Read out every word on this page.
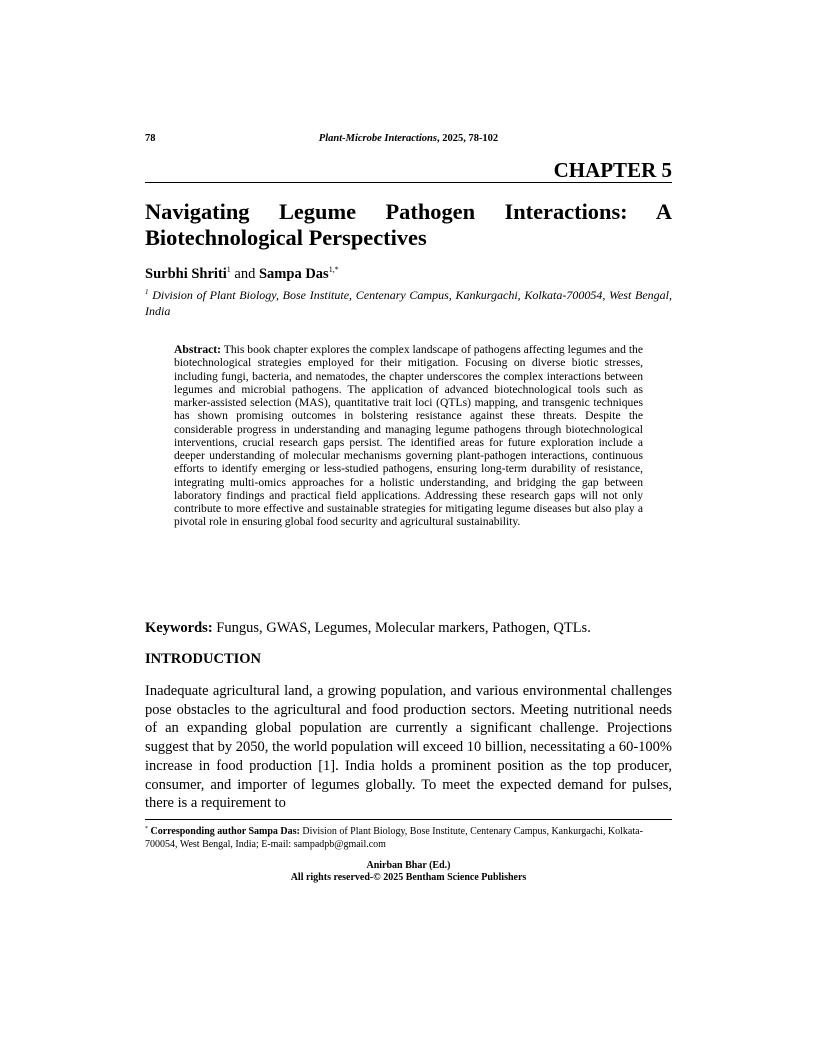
78	Plant-Microbe Interactions, 2025, 78-102
CHAPTER 5
Navigating Legume Pathogen Interactions: A
Biotechnological Perspectives
Surbhi Shriti$^1$ and Sampa Das$^{1,*}$
$^1$ Division of Plant Biology, Bose Institute, Centenary Campus, Kankurgachi, Kolkata-700054, West Bengal, India
Abstract: This book chapter explores the complex landscape of pathogens affecting legumes and the biotechnological strategies employed for their mitigation. Focusing on diverse biotic stresses, including fungi, bacteria, and nematodes, the chapter underscores the complex interactions between legumes and microbial pathogens. The application of advanced biotechnological tools such as marker-assisted selection (MAS), quantitative trait loci (QTLs) mapping, and transgenic techniques has shown promising outcomes in bolstering resistance against these threats. Despite the considerable progress in understanding and managing legume pathogens through biotechnological interventions, crucial research gaps persist. The identified areas for future exploration include a deeper understanding of molecular mechanisms governing plant-pathogen interactions, continuous efforts to identify emerging or less-studied pathogens, ensuring long-term durability of resistance, integrating multi-omics approaches for a holistic understanding, and bridging the gap between laboratory findings and practical field applications. Addressing these research gaps will not only contribute to more effective and sustainable strategies for mitigating legume diseases but also play a pivotal role in ensuring global food security and agricultural sustainability.
Keywords: Fungus, GWAS, Legumes, Molecular markers, Pathogen, QTLs.
INTRODUCTION
Inadequate agricultural land, a growing population, and various environmental challenges pose obstacles to the agricultural and food production sectors. Meeting nutritional needs of an expanding global population are currently a significant challenge. Projections suggest that by 2050, the world population will exceed 10 billion, necessitating a 60-100% increase in food production [1]. India holds a prominent position as the top producer, consumer, and importer of legumes globally. To meet the expected demand for pulses, there is a requirement to
* Corresponding author Sampa Das: Division of Plant Biology, Bose Institute, Centenary Campus, Kankurgachi, Kolkata-700054, West Bengal, India; E-mail: sampadpb@gmail.com
Anirban Bhar (Ed.)
All rights reserved-© 2025 Bentham Science Publishers
